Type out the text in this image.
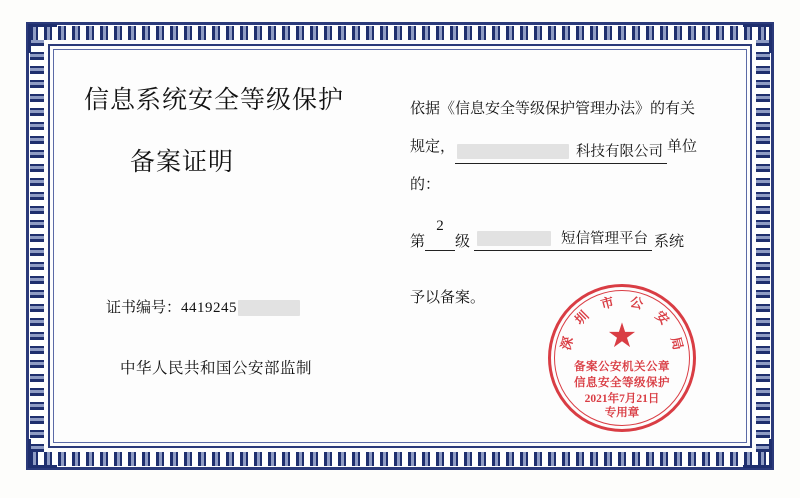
信息系统安全等级保护
备案证明
证书编号：4419245
中华人民共和国公安部监制
依据《信息安全等级保护管理办法》的有关
规定，	科技有限公司 单位
的：
第
2
级	短信管理平台 系统
予以备案。
深
圳
市 公
安
局
★
备案公安机关公章
信息安全等级保护
2021年7月21日
专用章
